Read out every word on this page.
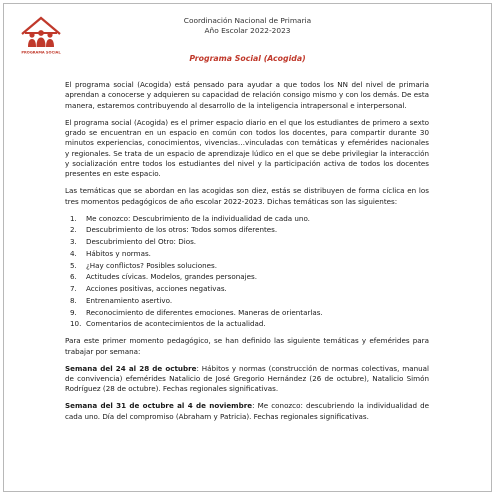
PROGRAMA SOCIAL
Coordinación Nacional de Primaria
Año Escolar 2022-2023
Programa Social (Acogida)

El programa social (Acogida) está pensado para ayudar a que todos los NN del nivel de primaria aprendan a conocerse y adquieren su capacidad de relación consigo mismo y con los demás. De esta manera, estaremos contribuyendo al desarrollo de la inteligencia intrapersonal e interpersonal.

El programa social (Acogida) es el primer espacio diario en el que los estudiantes de primero a sexto grado se encuentran en un espacio en común con todos los docentes, para compartir durante 30 minutos experiencias, conocimientos, vivencias…vinculadas con temáticas y efemérides nacionales y regionales. Se trata de un espacio de aprendizaje lúdico en el que se debe privilegiar la interacción y socialización entre todos los estudiantes del nivel y la participación activa de todos los docentes presentes en este espacio.

Las temáticas que se abordan en las acogidas son diez, estás se distribuyen de forma cíclica en los tres momentos pedagógicos de año escolar 2022-2023. Dichas temáticas son las siguientes:

1. Me conozco: Descubrimiento de la individualidad de cada uno.
2. Descubrimiento de los otros: Todos somos diferentes.
3. Descubrimiento del Otro: Dios.
4. Hábitos y normas.
5. ¿Hay conflictos? Posibles soluciones.
6. Actitudes cívicas. Modelos, grandes personajes.
7. Acciones positivas, acciones negativas.
8. Entrenamiento asertivo.
9. Reconocimiento de diferentes emociones. Maneras de orientarlas.
10. Comentarios de acontecimientos de la actualidad.

Para este primer momento pedagógico, se han definido las siguiente temáticas y efemérides para trabajar por semana:

Semana del 24 al 28 de octubre: Hábitos y normas (construcción de normas colectivas, manual de convivencia) efemérides Natalicio de José Gregorio Hernández (26 de octubre), Natalicio Simón Rodríguez (28 de octubre). Fechas regionales significativas.

Semana del 31 de octubre al 4 de noviembre: Me conozco: descubriendo la individualidad de cada uno. Día del compromiso (Abraham y Patricia). Fechas regionales significativas.
